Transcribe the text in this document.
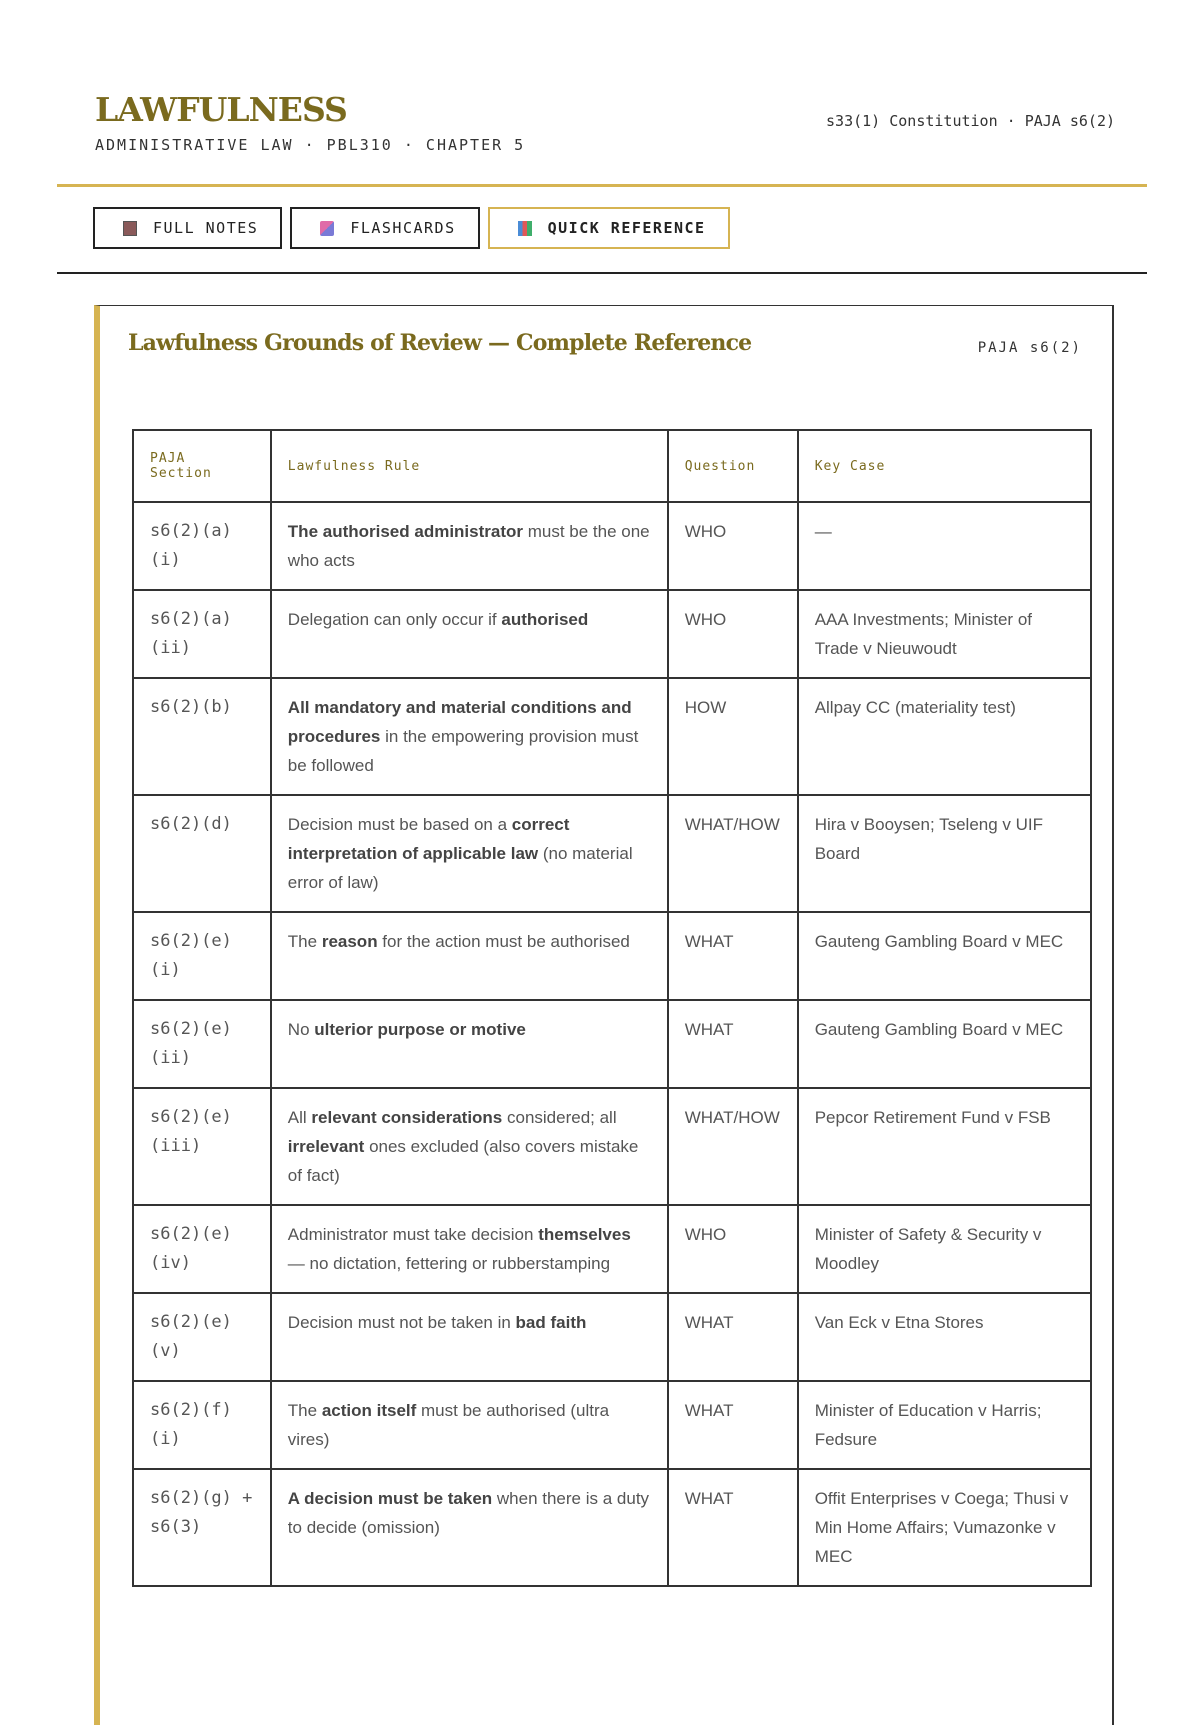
LAWFULNESS
ADMINISTRATIVE LAW · PBL310 · CHAPTER 5
s33(1) Constitution · PAJA s6(2)
FULL NOTES	FLASHCARDS	QUICK REFERENCE
Lawfulness Grounds of Review — Complete Reference	PAJA s6(2)
PAJA Section	Lawfulness Rule	Question	Key Case
s6(2)(a)(i)	The authorised administrator must be the one who acts	WHO	—
s6(2)(a)(ii)	Delegation can only occur if authorised	WHO	AAA Investments; Minister of Trade v Nieuwoudt
s6(2)(b)	All mandatory and material conditions and procedures in the empowering provision must be followed	HOW	Allpay CC (materiality test)
s6(2)(d)	Decision must be based on a correct interpretation of applicable law (no material error of law)	WHAT/HOW	Hira v Booysen; Tseleng v UIF Board
s6(2)(e)(i)	The reason for the action must be authorised	WHAT	Gauteng Gambling Board v MEC
s6(2)(e)(ii)	No ulterior purpose or motive	WHAT	Gauteng Gambling Board v MEC
s6(2)(e)(iii)	All relevant considerations considered; all irrelevant ones excluded (also covers mistake of fact)	WHAT/HOW	Pepcor Retirement Fund v FSB
s6(2)(e)(iv)	Administrator must take decision themselves — no dictation, fettering or rubberstamping	WHO	Minister of Safety & Security v Moodley
s6(2)(e)(v)	Decision must not be taken in bad faith	WHAT	Van Eck v Etna Stores
s6(2)(f)(i)	The action itself must be authorised (ultra vires)	WHAT	Minister of Education v Harris; Fedsure
s6(2)(g) + s6(3)	A decision must be taken when there is a duty to decide (omission)	WHAT	Offit Enterprises v Coega; Thusi v Min Home Affairs; Vumazonke v MEC
